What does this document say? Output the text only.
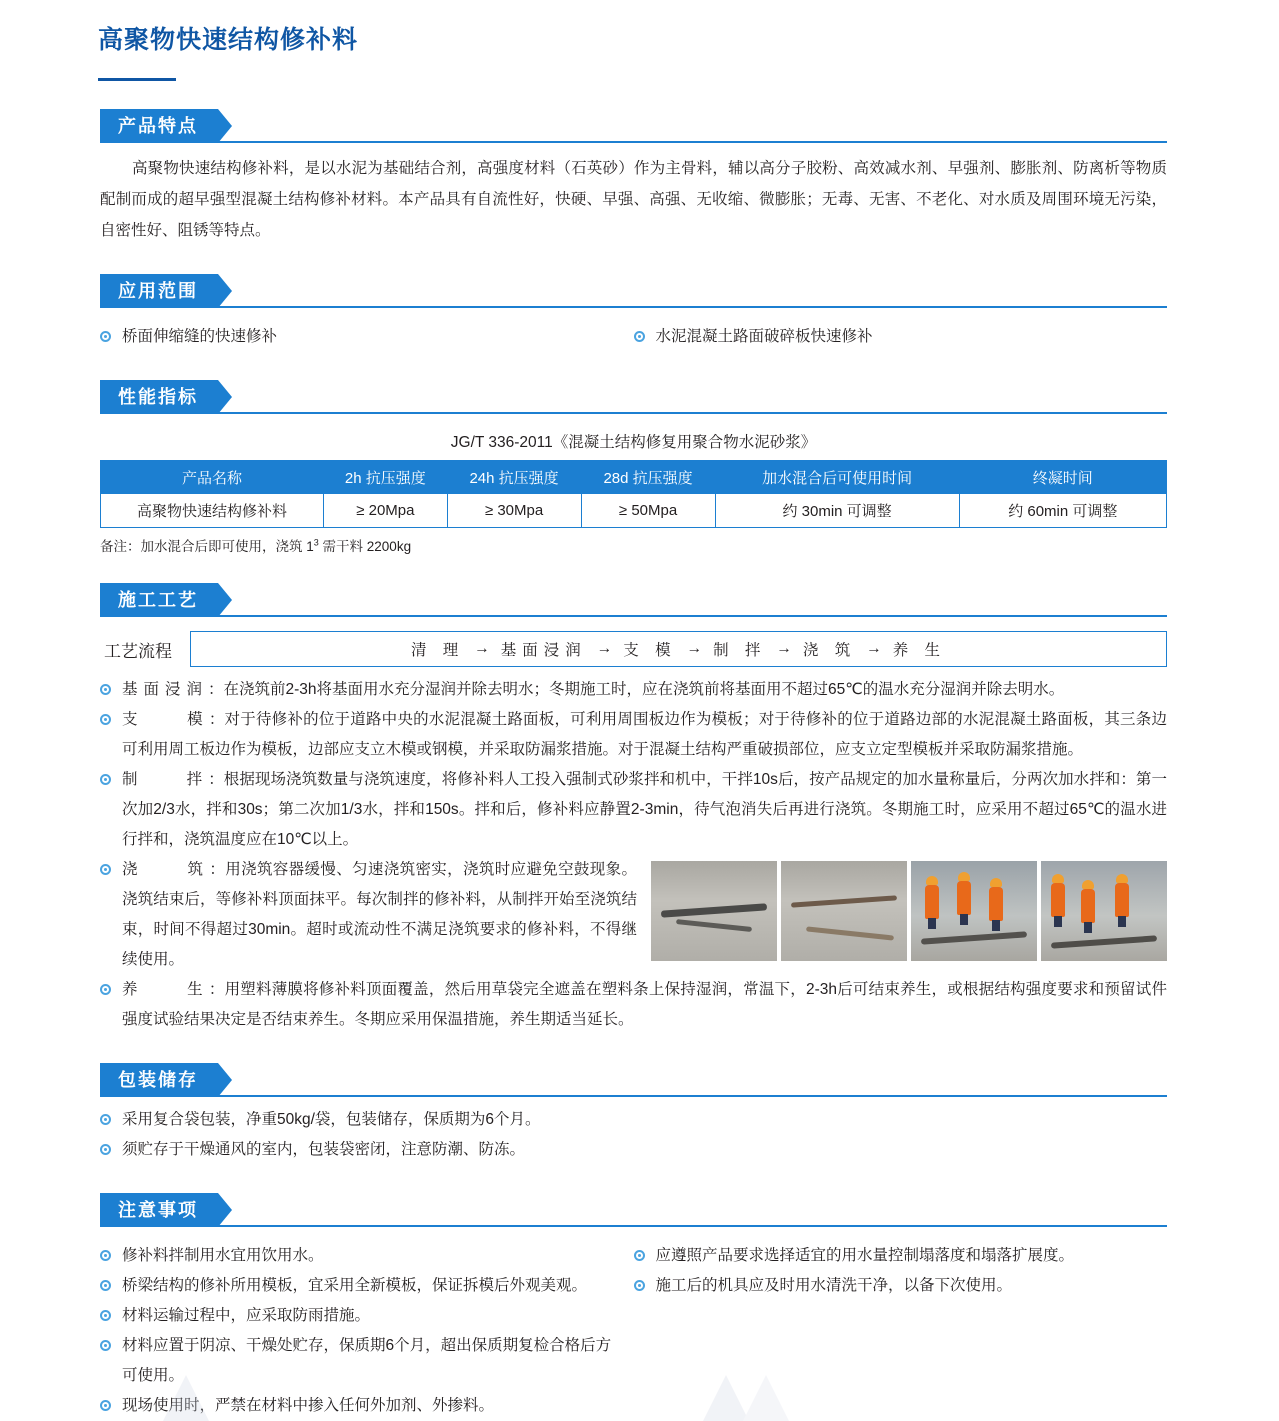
高聚物快速结构修补料
产品特点

高聚物快速结构修补料，是以水泥为基础结合剂，高强度材料（石英砂）作为主骨料，辅以高分子胶粉、高效减水剂、早强剂、膨胀剂、防离析等物质配制而成的超早强型混凝土结构修补材料。本产品具有自流性好，快硬、早强、高强、无收缩、微膨胀；无毒、无害、不老化、对水质及周围环境无污染，自密性好、阻锈等特点。

应用范围
桥面伸缩缝的快速修补	水泥混凝土路面破碎板快速修补
性能指标
JG/T 336-2011《混凝土结构修复用聚合物水泥砂浆》
产品名称	2h 抗压强度	24h 抗压强度	28d 抗压强度	加水混合后可使用时间	终凝时间
高聚物快速结构修补料	≥ 20Mpa	≥ 30Mpa	≥ 50Mpa	约 30min 可调整	约 60min 可调整
备注：加水混合后即可使用，浇筑 $1^3$ 需干料 2200kg
施工工艺
工艺流程	清 理 → 基面浸润 → 支 模 → 制 拌 → 浇 筑 → 养 生
基面浸润：在浇筑前2-3h将基面用水充分湿润并除去明水；冬期施工时，应在浇筑前将基面用不超过65℃的温水充分湿润并除去明水。
支　　模：对于待修补的位于道路中央的水泥混凝土路面板，可利用周围板边作为模板；对于待修补的位于道路边部的水泥混凝土路面板，其三条边可利用周工板边作为模板，边部应支立木模或钢模，并采取防漏浆措施。对于混凝土结构严重破损部位，应支立定型模板并采取防漏浆措施。
制　　拌：根据现场浇筑数量与浇筑速度，将修补料人工投入强制式砂浆拌和机中，干拌10s后，按产品规定的加水量称量后，分两次加水拌和：第一次加2/3水，拌和30s；第二次加1/3水，拌和150s。拌和后，修补料应静置2-3min，待气泡消失后再进行浇筑。冬期施工时，应采用不超过65℃的温水进行拌和，浇筑温度应在10℃以上。
浇　　筑：用浇筑容器缓慢、匀速浇筑密实，浇筑时应避免空鼓现象。浇筑结束后，等修补料顶面抹平。每次制拌的修补料，从制拌开始至浇筑结束，时间不得超过30min。超时或流动性不满足浇筑要求的修补料，不得继续使用。
养　　生：用塑料薄膜将修补料顶面覆盖，然后用草袋完全遮盖在塑料条上保持湿润，常温下，2-3h后可结束养生，或根据结构强度要求和预留试件强度试验结果决定是否结束养生。冬期应采用保温措施，养生期适当延长。
包装储存
采用复合袋包装，净重50kg/袋，包装储存，保质期为6个月。
须贮存于干燥通风的室内，包装袋密闭，注意防潮、防冻。
注意事项
修补料拌制用水宜用饮用水。
桥梁结构的修补所用模板，宜采用全新模板，保证拆模后外观美观。
材料运输过程中，应采取防雨措施。
材料应置于阴凉、干燥处贮存，保质期6个月，超出保质期复检合格后方可使用。
现场使用时，严禁在材料中掺入任何外加剂、外掺料。
应遵照产品要求选择适宜的用水量控制塌落度和塌落扩展度。
施工后的机具应及时用水清洗干净，以备下次使用。
